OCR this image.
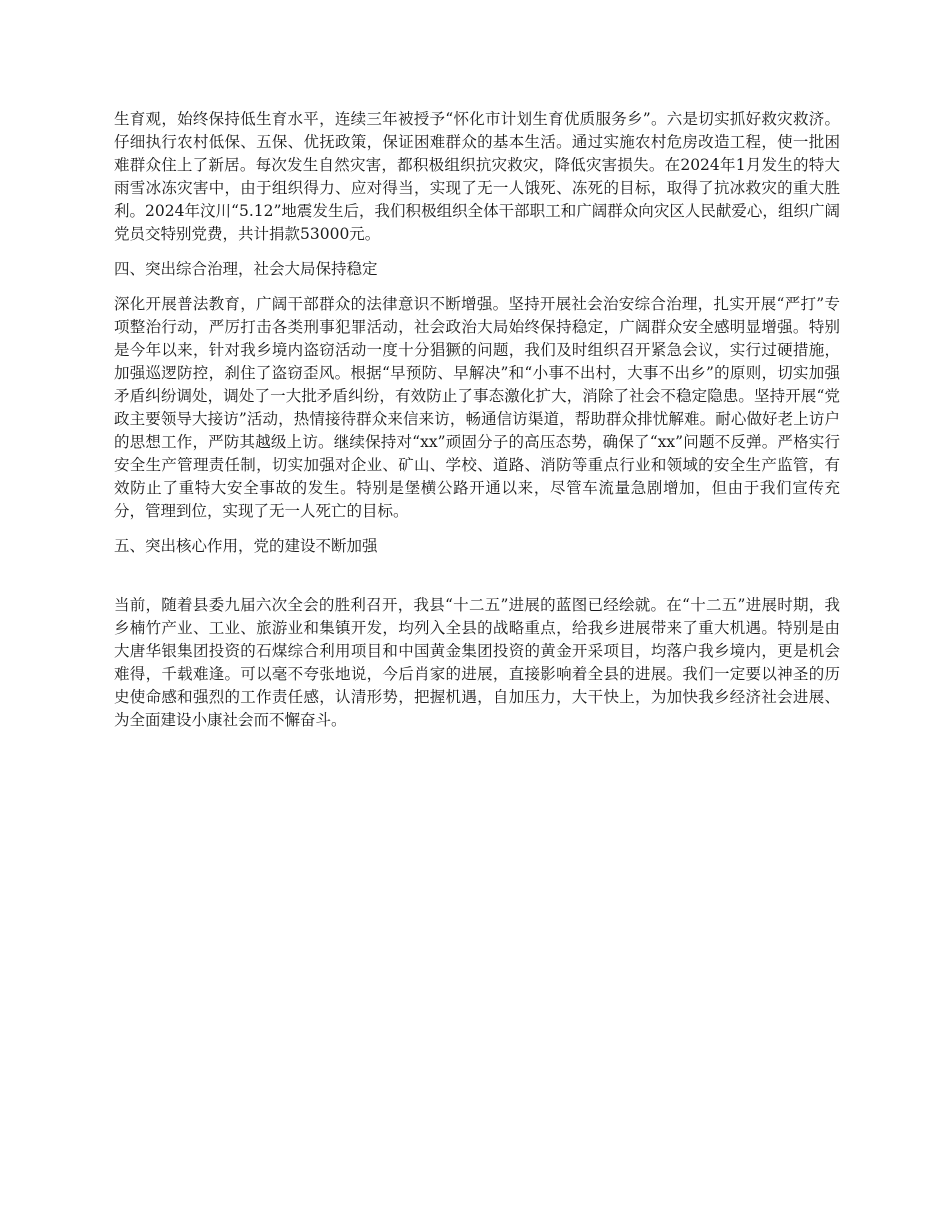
生育观，始终保持低生育水平，连续三年被授予“怀化市计划生育优质服务乡”。六是切实抓好救灾救济。仔细执行农村低保、五保、优抚政策，保证困难群众的基本生活。通过实施农村危房改造工程，使一批困难群众住上了新居。每次发生自然灾害，都积极组织抗灾救灾，降低灾害损失。在2024年1月发生的特大雨雪冰冻灾害中，由于组织得力、应对得当，实现了无一人饿死、冻死的目标，取得了抗冰救灾的重大胜利。2024年汶川“5.12”地震发生后，我们积极组织全体干部职工和广阔群众向灾区人民献爱心，组织广阔党员交特别党费，共计捐款53000元。

四、突出综合治理，社会大局保持稳定

深化开展普法教育，广阔干部群众的法律意识不断增强。坚持开展社会治安综合治理，扎实开展“严打”专项整治行动，严厉打击各类刑事犯罪活动，社会政治大局始终保持稳定，广阔群众安全感明显增强。特别是今年以来，针对我乡境内盗窃活动一度十分猖獗的问题，我们及时组织召开紧急会议，实行过硬措施，加强巡逻防控，刹住了盗窃歪风。根据“早预防、早解决”和“小事不出村，大事不出乡”的原则，切实加强矛盾纠纷调处，调处了一大批矛盾纠纷，有效防止了事态激化扩大，消除了社会不稳定隐患。坚持开展“党政主要领导大接访”活动，热情接待群众来信来访，畅通信访渠道，帮助群众排忧解难。耐心做好老上访户的思想工作，严防其越级上访。继续保持对“xx”顽固分子的高压态势，确保了“xx”问题不反弹。严格实行安全生产管理责任制，切实加强对企业、矿山、学校、道路、消防等重点行业和领域的安全生产监管，有效防止了重特大安全事故的发生。特别是堡横公路开通以来，尽管车流量急剧增加，但由于我们宣传充分，管理到位，实现了无一人死亡的目标。

五、突出核心作用，党的建设不断加强

当前，随着县委九届六次全会的胜利召开，我县“十二五”进展的蓝图已经绘就。在“十二五”进展时期，我乡楠竹产业、工业、旅游业和集镇开发，均列入全县的战略重点，给我乡进展带来了重大机遇。特别是由大唐华银集团投资的石煤综合利用项目和中国黄金集团投资的黄金开采项目，均落户我乡境内，更是机会难得，千载难逢。可以毫不夸张地说，今后肖家的进展，直接影响着全县的进展。我们一定要以神圣的历史使命感和强烈的工作责任感，认清形势，把握机遇，自加压力，大干快上，为加快我乡经济社会进展、为全面建设小康社会而不懈奋斗。
